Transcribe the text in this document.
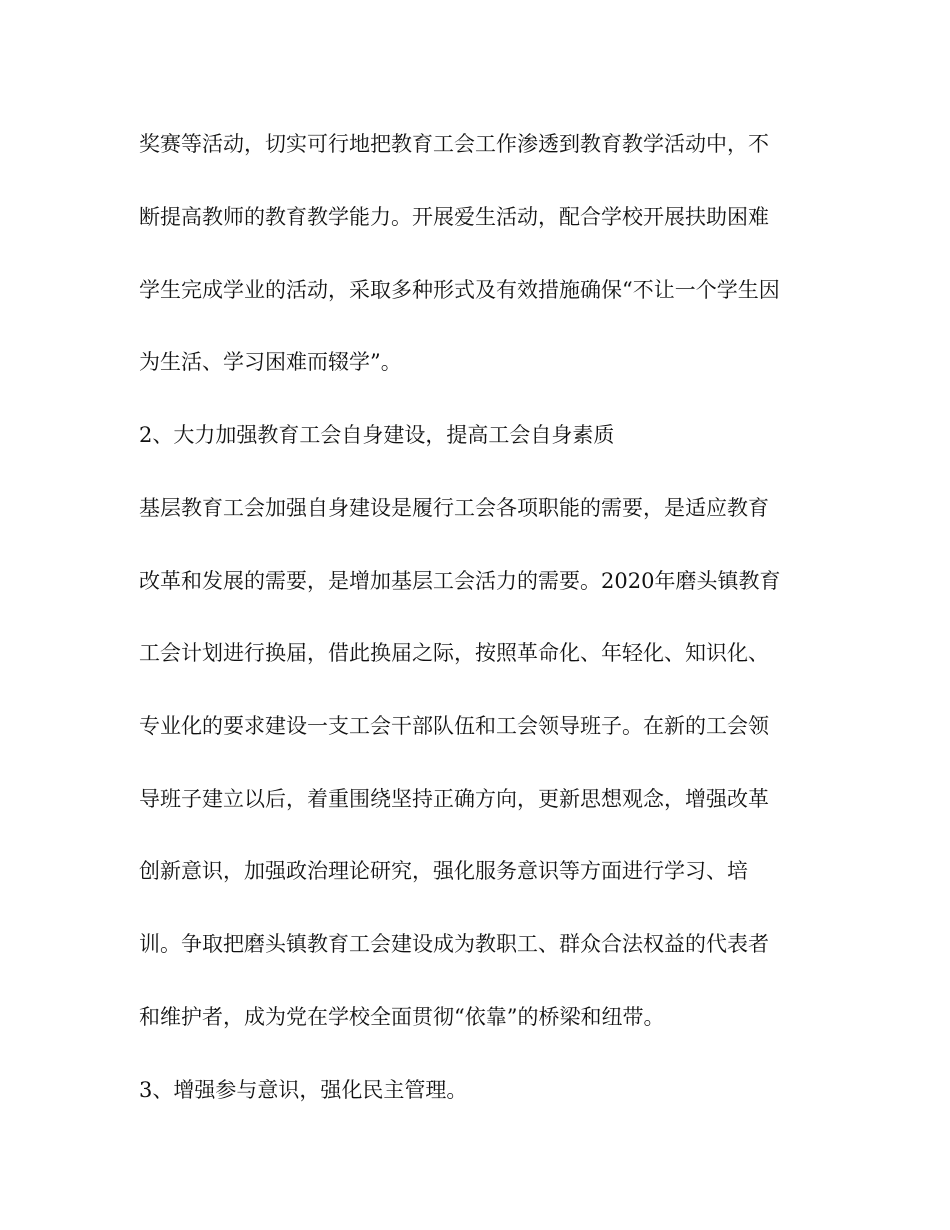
奖赛等活动，切实可行地把教育工会工作渗透到教育教学活动中，不
断提高教师的教育教学能力。开展爱生活动，配合学校开展扶助困难
学生完成学业的活动，采取多种形式及有效措施确保“不让一个学生因
为生活、学习困难而辍学”。
2、大力加强教育工会自身建设，提高工会自身素质
基层教育工会加强自身建设是履行工会各项职能的需要，是适应教育
改革和发展的需要，是增加基层工会活力的需要。2020年磨头镇教育
工会计划进行换届，借此换届之际，按照革命化、年轻化、知识化、
专业化的要求建设一支工会干部队伍和工会领导班子。在新的工会领
导班子建立以后，着重围绕坚持正确方向，更新思想观念，增强改革
创新意识，加强政治理论研究，强化服务意识等方面进行学习、培
训。争取把磨头镇教育工会建设成为教职工、群众合法权益的代表者
和维护者，成为党在学校全面贯彻“依靠”的桥梁和纽带。
3、增强参与意识，强化民主管理。
